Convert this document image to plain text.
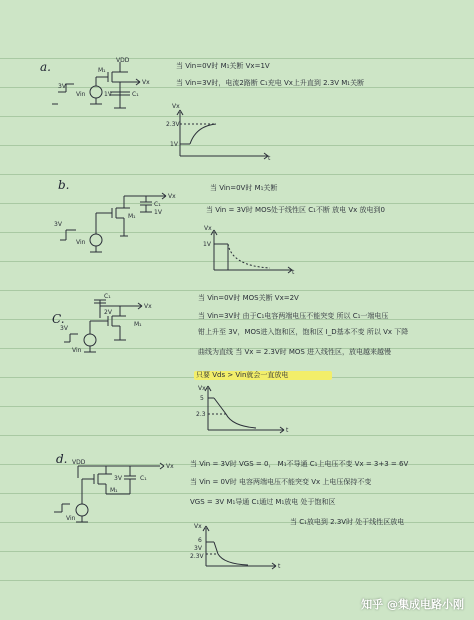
a.	VDD
M₁
Vx
Vin	1V	C₁
3V
当 Vin=0V时 M₁关断 Vx=1V
当 Vin=3V时，电流2路断 C₁充电 Vx上升直到 2.3V M₁关断
Vx
2.3V
1V
t
b.
Vx
C₁
1V
3V
Vin
M₁
当 Vin=0V时 M₁关断
当 Vin = 3V时 MOS处于线性区 C₁不断 放电 Vx 放电到0
Vx
1V
t
C.
C₁
2V
Vx
M₁
3V
Vin
当 Vin=0V时 MOS关断 Vx=2V
当 Vin=3V时 由于C₁电容两端电压不能突变 所以 C₁一端电压
钳上升至 3V，MOS进入饱和区，饱和区 I_D基本不变 所以 Vx 下降
曲线为直线 当 Vx = 2.3V时 MOS 进入线性区，放电越来越慢
只要 Vds > Vin就会一直放电
Vx
5
2.3
t
d. VDD
Vx
3V	C₁
M₁
Vin
当 Vin = 3V时 VGS = 0， M₁不导通 C₁上电压不变 Vx = 3+3 = 6V
当 Vin = 0V时 电容两端电压不能突变 Vx 上电压保持不变
VGS = 3V M₁导通 C₁通过 M₁放电 处于饱和区
当 C₁放电到 2.3V时 处于线性区放电
Vx
6
3V
2.3V
t
知乎 @集成电路小刚
